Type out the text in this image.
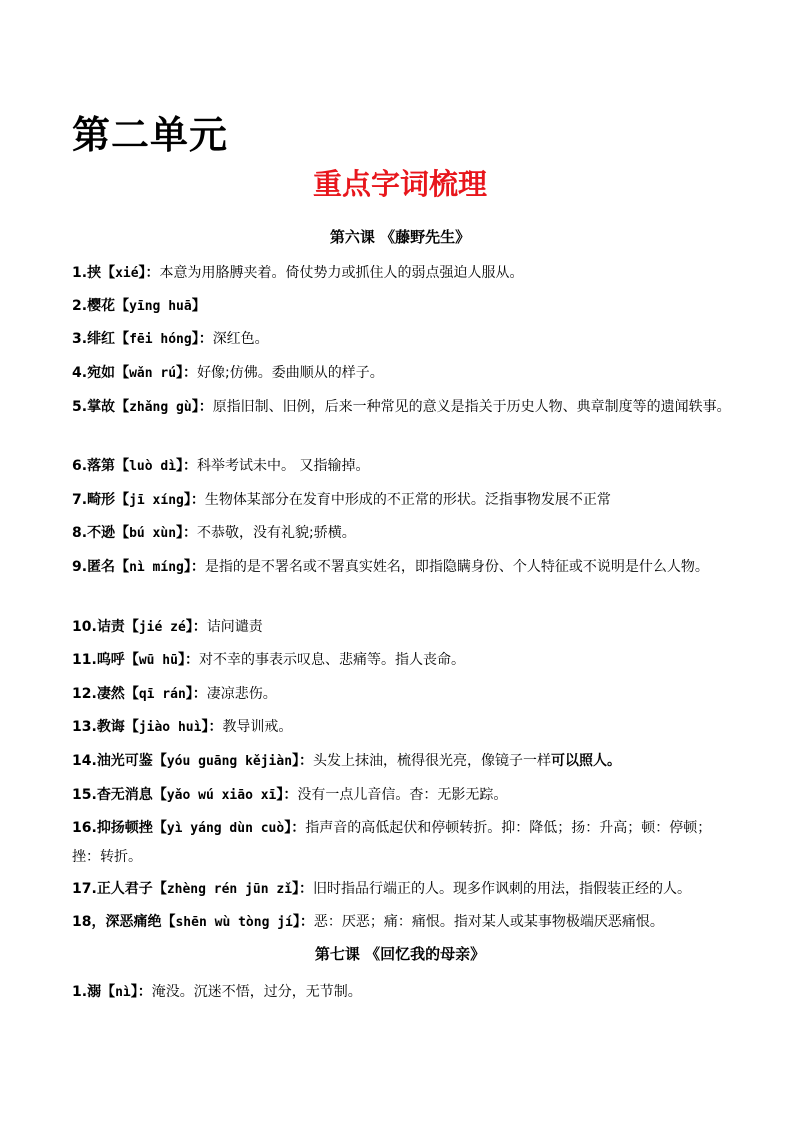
第二单元
重点字词梳理
第六课 《藤野先生》
1.挟【xié】：本意为用胳膊夹着。倚仗势力或抓住人的弱点强迫人服从。
2.樱花【yīng huā】
3.绯红【fēi hóng】：深红色。
4.宛如【wǎn rú】：好像;仿佛。委曲顺从的样子。
5.掌故【zhǎng gù】：原指旧制、旧例，后来一种常见的意义是指关于历史人物、典章制度等的遗闻轶事。
6.落第【luò dì】：科举考试未中。 又指输掉。
7.畸形【jī xíng】：生物体某部分在发育中形成的不正常的形状。泛指事物发展不正常
8.不逊【bú xùn】：不恭敬，没有礼貌;骄横。
9.匿名【nì míng】：是指的是不署名或不署真实姓名，即指隐瞒身份、个人特征或不说明是什么人物。
10.诘责【jié zé】：诘问谴责
11.呜呼【wū hū】：对不幸的事表示叹息、悲痛等。指人丧命。
12.凄然【qī rán】：凄凉悲伤。
13.教诲【jiào huì】：教导训戒。
14.油光可鉴【yóu guāng kějiàn】：头发上抹油，梳得很光亮，像镜子一样可以照人。
15.杳无消息【yǎo wú xiāo xī】：没有一点儿音信。杳：无影无踪。
16.抑扬顿挫【yì yáng dùn cuò】：指声音的高低起伏和停顿转折。抑：降低；扬：升高；顿：停顿；挫：转折。
17.正人君子【zhèng rén jūn zǐ】：旧时指品行端正的人。现多作讽刺的用法，指假装正经的人。
18，深恶痛绝【shēn wù tòng jí】：恶：厌恶；痛：痛恨。指对某人或某事物极端厌恶痛恨。
第七课 《回忆我的母亲》
1.溺【nì】：淹没。沉迷不悟，过分，无节制。
